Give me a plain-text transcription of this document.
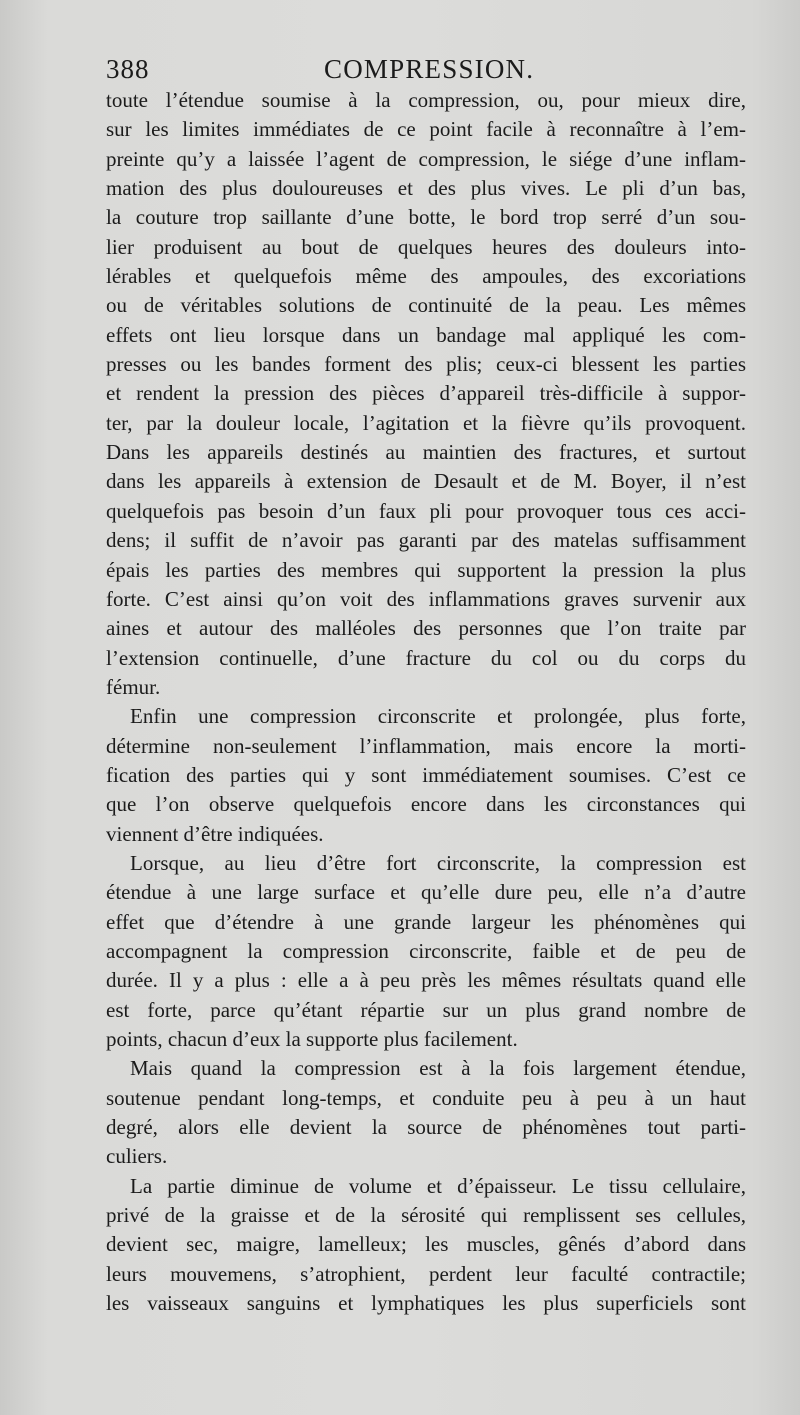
388	COMPRESSION.
toute l’étendue soumise à la compression, ou, pour mieux dire,
sur les limites immédiates de ce point facile à reconnaître à l’em-
preinte qu’y a laissée l’agent de compression, le siége d’une inflam-
mation des plus douloureuses et des plus vives. Le pli d’un bas,
la couture trop saillante d’une botte, le bord trop serré d’un sou-
lier produisent au bout de quelques heures des douleurs into-
lérables et quelquefois même des ampoules, des excoriations
ou de véritables solutions de continuité de la peau. Les mêmes
effets ont lieu lorsque dans un bandage mal appliqué les com-
presses ou les bandes forment des plis; ceux-ci blessent les parties
et rendent la pression des pièces d’appareil très-difficile à suppor-
ter, par la douleur locale, l’agitation et la fièvre qu’ils provoquent.
Dans les appareils destinés au maintien des fractures, et surtout
dans les appareils à extension de Desault et de M. Boyer, il n’est
quelquefois pas besoin d’un faux pli pour provoquer tous ces acci-
dens; il suffit de n’avoir pas garanti par des matelas suffisamment
épais les parties des membres qui supportent la pression la plus
forte. C’est ainsi qu’on voit des inflammations graves survenir aux
aines et autour des malléoles des personnes que l’on traite par
l’extension continuelle, d’une fracture du col ou du corps du
fémur.
Enfin une compression circonscrite et prolongée, plus forte,
détermine non-seulement l’inflammation, mais encore la morti-
fication des parties qui y sont immédiatement soumises. C’est ce
que l’on observe quelquefois encore dans les circonstances qui
viennent d’être indiquées.
Lorsque, au lieu d’être fort circonscrite, la compression est
étendue à une large surface et qu’elle dure peu, elle n’a d’autre
effet que d’étendre à une grande largeur les phénomènes qui
accompagnent la compression circonscrite, faible et de peu de
durée. Il y a plus : elle a à peu près les mêmes résultats quand elle
est forte, parce qu’étant répartie sur un plus grand nombre de
points, chacun d’eux la supporte plus facilement.
Mais quand la compression est à la fois largement étendue,
soutenue pendant long-temps, et conduite peu à peu à un haut
degré, alors elle devient la source de phénomènes tout parti-
culiers.
La partie diminue de volume et d’épaisseur. Le tissu cellulaire,
privé de la graisse et de la sérosité qui remplissent ses cellules,
devient sec, maigre, lamelleux; les muscles, gênés d’abord dans
leurs mouvemens, s’atrophient, perdent leur faculté contractile;
les vaisseaux sanguins et lymphatiques les plus superficiels sont
